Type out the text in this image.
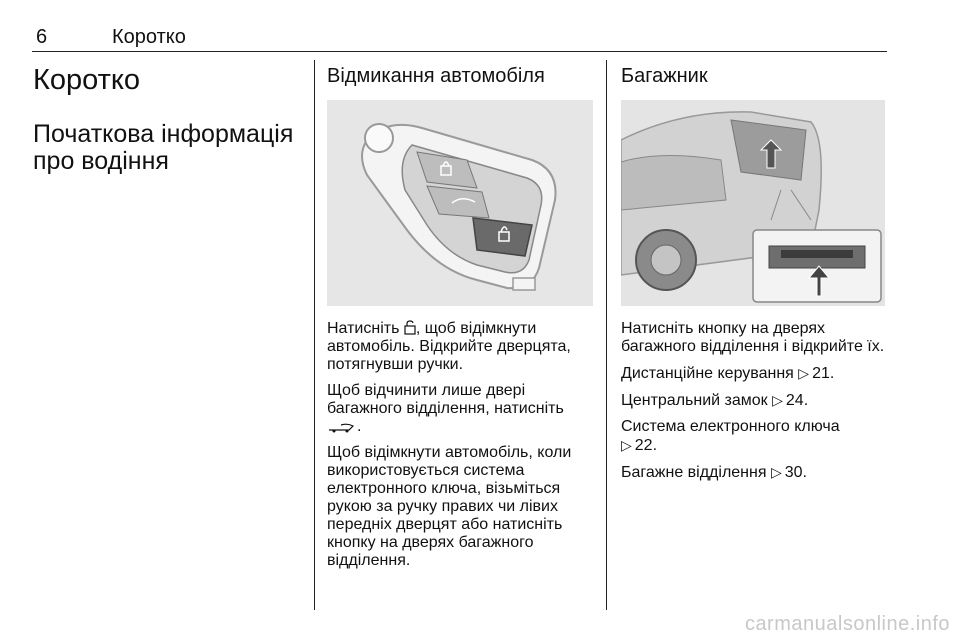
6	Коротко
Коротко
Початкова інформація про водіння
Відмикання автомобіля

Натисніть , щоб відімкнути автомобіль. Відкрийте дверцята, потягнувши ручки.

Щоб відчинити лише двері багажного відділення, натисніть .

Щоб відімкнути автомобіль, коли використовується система електронного ключа, візьміться рукою за ручку правих чи лівих передніх дверцят або натисніть кнопку на дверях багажного відділення.

Багажник

Натисніть кнопку на дверях багажного відділення і відкрийте їх.

Дистанційне керування ▷ 21.

Центральний замок ▷ 24.

Система електронного ключа
▷ 22.

Багажне відділення ▷ 30.

carmanualsonline.info
